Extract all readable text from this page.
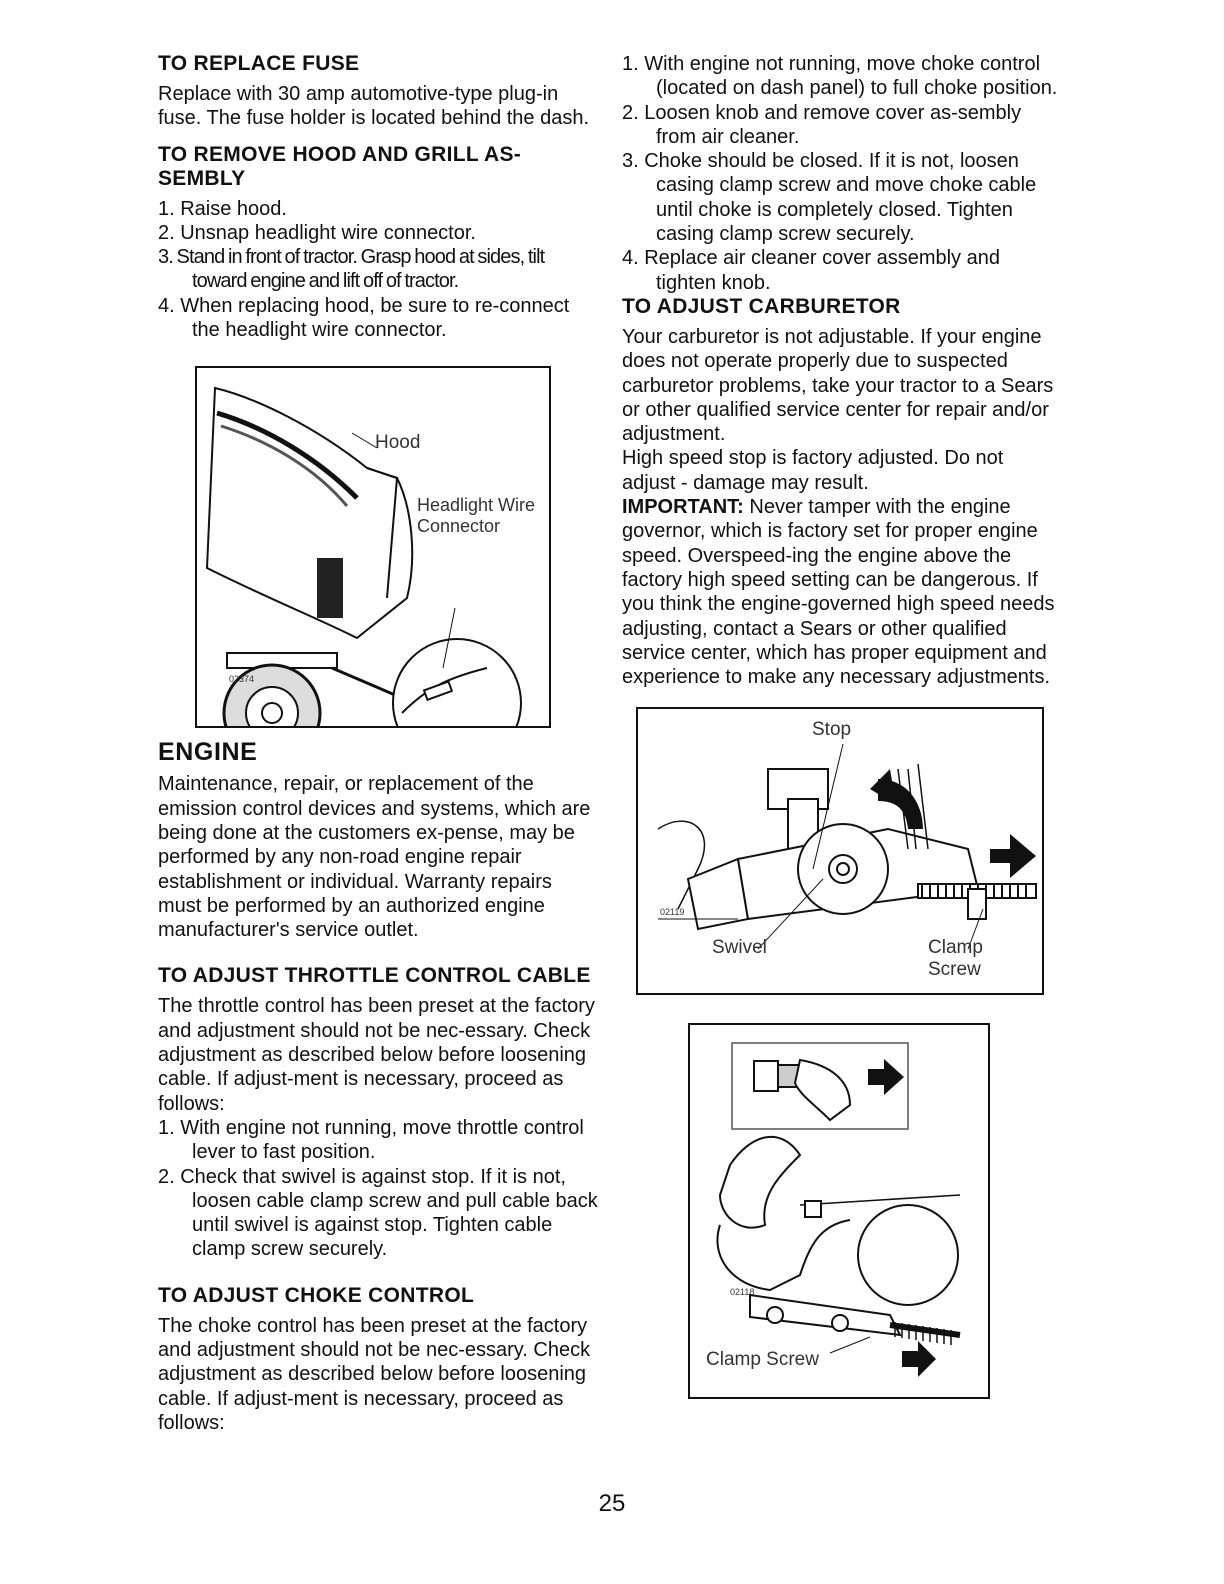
TO REPLACE FUSE

Replace with 30 amp automotive-type plug-in fuse. The fuse holder is located behind the dash.

TO REMOVE HOOD AND GRILL AS-SEMBLY
1. Raise hood.
2. Unsnap headlight wire connector.
3. Stand in front of tractor. Grasp hood at sides, tilt toward engine and lift off of tractor.
4. When replacing hood, be sure to re-connect the headlight wire connector.
Hood
Headlight Wire
Connector
02374
ENGINE

Maintenance, repair, or replacement of the emission control devices and systems, which are being done at the customers ex-pense, may be performed by any non-road engine repair establishment or individual. Warranty repairs must be performed by an authorized engine manufacturer's service outlet.

TO ADJUST THROTTLE CONTROL CABLE

The throttle control has been preset at the factory and adjustment should not be nec-essary. Check adjustment as described below before loosening cable. If adjust-ment is necessary, proceed as follows:

1. With engine not running, move throttle control lever to fast position.
2. Check that swivel is against stop. If it is not, loosen cable clamp screw and pull cable back until swivel is against stop. Tighten cable clamp screw securely.
TO ADJUST CHOKE CONTROL

The choke control has been preset at the factory and adjustment should not be nec-essary. Check adjustment as described below before loosening cable. If adjust-ment is necessary, proceed as follows:

1. With engine not running, move choke control (located on dash panel) to full choke position.
2. Loosen knob and remove cover as-sembly from air cleaner.
3. Choke should be closed. If it is not, loosen casing clamp screw and move choke cable until choke is completely closed. Tighten casing clamp screw securely.
4. Replace air cleaner cover assembly and tighten knob.
TO ADJUST CARBURETOR

Your carburetor is not adjustable. If your engine does not operate properly due to suspected carburetor problems, take your tractor to a Sears or other qualified service center for repair and/or adjustment.

High speed stop is factory adjusted. Do not adjust - damage may result.

IMPORTANT: Never tamper with the engine governor, which is factory set for proper engine speed. Overspeed-ing the engine above the factory high speed setting can be dangerous. If you think the engine-governed high speed needs adjusting, contact a Sears or other qualified service center, which has proper equipment and experience to make any necessary adjustments.

Stop
Swivel	Clamp
Screw
02119
Clamp Screw
02118
25
